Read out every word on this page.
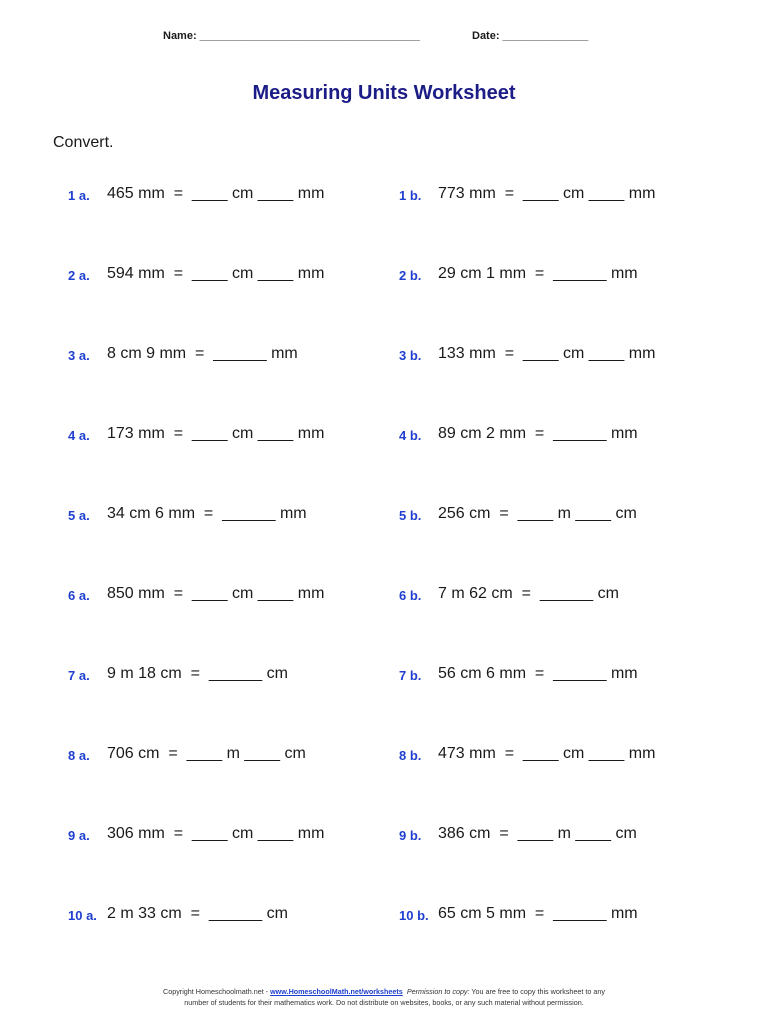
Name: ____________________________________	Date: ______________
Measuring Units Worksheet
Convert.
1 a. 465 mm  =  ____ cm ____ mm	1 b. 773 mm  =  ____ cm ____ mm
2 a. 594 mm  =  ____ cm ____ mm	2 b. 29 cm 1 mm  =  ______ mm
3 a. 8 cm 9 mm  =  ______ mm	3 b. 133 mm  =  ____ cm ____ mm
4 a. 173 mm  =  ____ cm ____ mm	4 b. 89 cm 2 mm  =  ______ mm
5 a. 34 cm 6 mm  =  ______ mm	5 b. 256 cm  =  ____ m ____ cm
6 a. 850 mm  =  ____ cm ____ mm	6 b. 7 m 62 cm  =  ______ cm
7 a. 9 m 18 cm  =  ______ cm	7 b. 56 cm 6 mm  =  ______ mm
8 a. 706 cm  =  ____ m ____ cm	8 b. 473 mm  =  ____ cm ____ mm
9 a. 306 mm  =  ____ cm ____ mm	9 b. 386 cm  =  ____ m ____ cm
10 a. 2 m 33 cm  =  ______ cm	10 b. 65 cm 5 mm  =  ______ mm
Copyright Homeschoolmath.net - www.HomeschoolMath.net/worksheets Permission to copy: You are free to copy this worksheet to any
number of students for their mathematics work. Do not distribute on websites, books, or any such material without permission.
